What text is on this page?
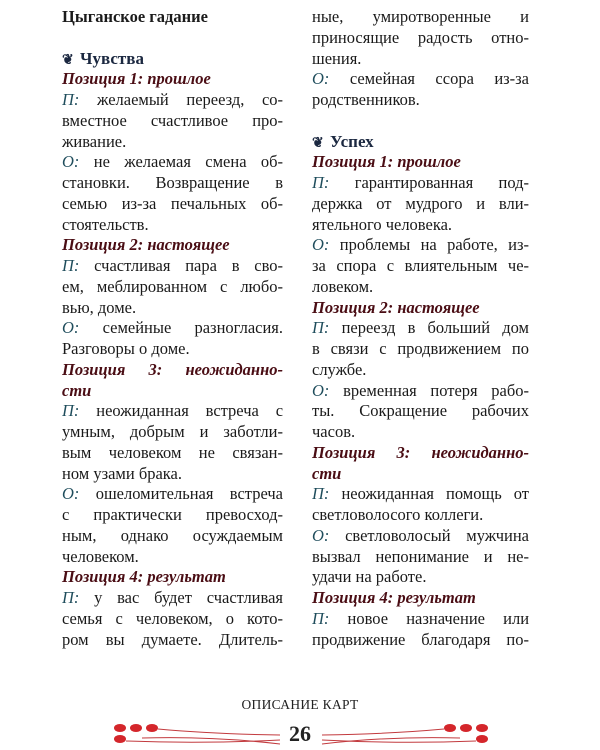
Цыганское гадание
❦ Чувства
Позиция 1: прошлое
П: желаемый переезд, со-
вместное счастливое про-
живание.
О: не желаемая смена об-
становки. Возвращение в
семью из-за печальных об-
стоятельств.
Позиция 2: настоящее
П: счастливая пара в сво-
ем, меблированном с любо-
вью, доме.
О: семейные разногласия.
Разговоры о доме.
Позиция 3: неожиданно-
сти
П: неожиданная встреча с
умным, добрым и заботли-
вым человеком не связан-
ном узами брака.
О: ошеломительная встреча
с практически превосход-
ным, однако осуждаемым
человеком.
Позиция 4: результат
П: у вас будет счастливая
семья с человеком, о кото-
ром вы думаете. Длитель-
ные, умиротворенные и
приносящие радость отно-
шения.
О: семейная ссора из-за
родственников.
❦ Успех
Позиция 1: прошлое
П: гарантированная под-
держка от мудрого и вли-
ятельного человека.
О: проблемы на работе, из-
за спора с влиятельным че-
ловеком.
Позиция 2: настоящее
П: переезд в больший дом
в связи с продвижением по
службе.
О: временная потеря рабо-
ты. Сокращение рабочих
часов.
Позиция 3: неожиданно-
сти
П: неожиданная помощь от
светловолосого коллеги.
О: светловолосый мужчина
вызвал непонимание и не-
удачи на работе.
Позиция 4: результат
П: новое назначение или
продвижение благодаря по-
ОПИСАНИЕ КАРТ
26
